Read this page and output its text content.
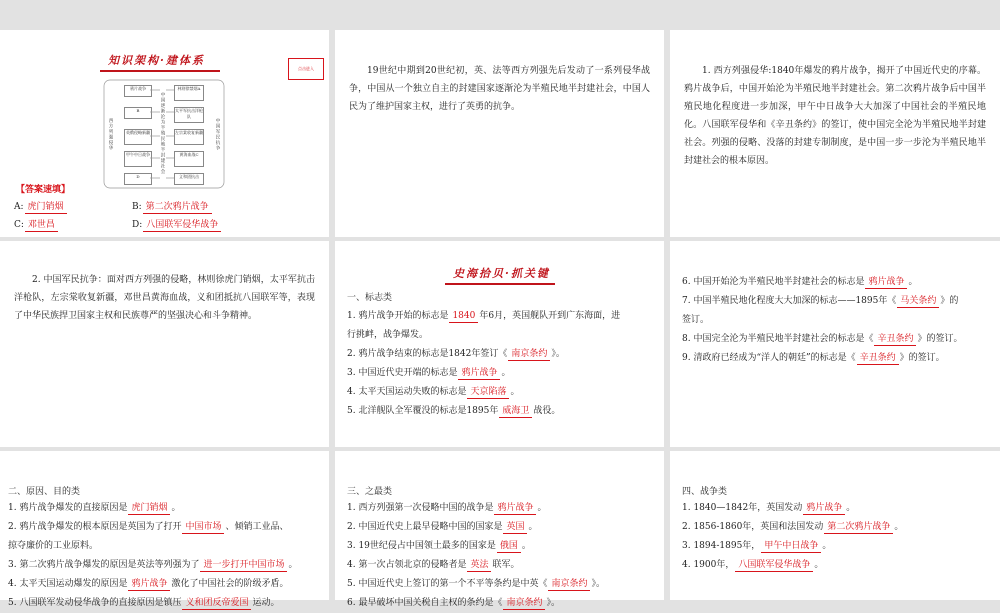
知识架构·建体系
点击进入
西方列强侵华	中国逐渐沦为半殖民地半封建社会	中国军民抗争
鸦片战争
B
英俄侵略新疆
甲午中日战争
D
林则徐禁烟A
太平军抗击洋枪队
左宗棠收复新疆
黄海血战C
义和团抗击
【答案速填】
A: 虎门销烟	B: 第二次鸦片战争
C: 邓世昌	D: 八国联军侵华战争

19世纪中期到20世纪初，英、法等西方列强先后发动了一系列侵华战争，中国从一个独立自主的封建国家逐渐沦为半殖民地半封建社会，中国人民为了维护国家主权，进行了英勇的抗争。

1. 西方列强侵华:1840年爆发的鸦片战争，揭开了中国近代史的序幕。鸦片战争后，中国开始沦为半殖民地半封建社会。第二次鸦片战争后中国半殖民地化程度进一步加深，甲午中日战争大大加深了中国社会的半殖民地化。八国联军侵华和《辛丑条约》的签订，使中国完全沦为半殖民地半封建社会。列强的侵略、没落的封建专制制度，是中国一步一步沦为半殖民地半封建社会的根本原因。

2. 中国军民抗争：面对西方列强的侵略，林则徐虎门销烟，太平军抗击洋枪队，左宗棠收复新疆，邓世昌黄海血战，义和团抵抗八国联军等，表现了中华民族捍卫国家主权和民族尊严的坚强决心和斗争精神。

史海拾贝·抓关键
一、标志类
1. 鸦片战争开始的标志是 1840 年6月，英国舰队开到广东海面，进
行挑衅，战争爆发。
2. 鸦片战争结束的标志是1842年签订《 南京条约 》。
3. 中国近代史开端的标志是 鸦片战争 。
4. 太平天国运动失败的标志是 天京陷落 。
5. 北洋舰队全军覆没的标志是1895年 威海卫 战役。
6. 中国开始沦为半殖民地半封建社会的标志是 鸦片战争 。
7. 中国半殖民地化程度大大加深的标志——1895年《 马关条约 》的
签订。
8. 中国完全沦为半殖民地半封建社会的标志是《 辛丑条约 》的签订。
9. 清政府已经成为“洋人的朝廷”的标志是《 辛丑条约 》的签订。
二、原因、目的类
1. 鸦片战争爆发的直接原因是 虎门销烟 。
2. 鸦片战争爆发的根本原因是英国为了打开 中国市场 、倾销工业品、
掠夺廉价的工业原料。
3. 第二次鸦片战争爆发的原因是英法等列强为了 进一步打开中国市场 。
4. 太平天国运动爆发的原因是 鸦片战争 激化了中国社会的阶级矛盾。
5. 八国联军发动侵华战争的直接原因是镇压 义和团反帝爱国 运动。
三、之最类
1. 西方列强第一次侵略中国的战争是 鸦片战争 。
2. 中国近代史上最早侵略中国的国家是 英国 。
3. 19世纪侵占中国领土最多的国家是 俄国 。
4. 第一次占领北京的侵略者是 英法 联军。
5. 中国近代史上签订的第一个不平等条约是中英《 南京条约 》。
6. 最早破坏中国关税自主权的条约是《 南京条约 》。
四、战争类
1. 1840—1842年，英国发动 鸦片战争 。
2. 1856-1860年，英国和法国发动 第二次鸦片战争 。
3. 1894-1895年， 甲午中日战争 。
4. 1900年， 八国联军侵华战争 。
